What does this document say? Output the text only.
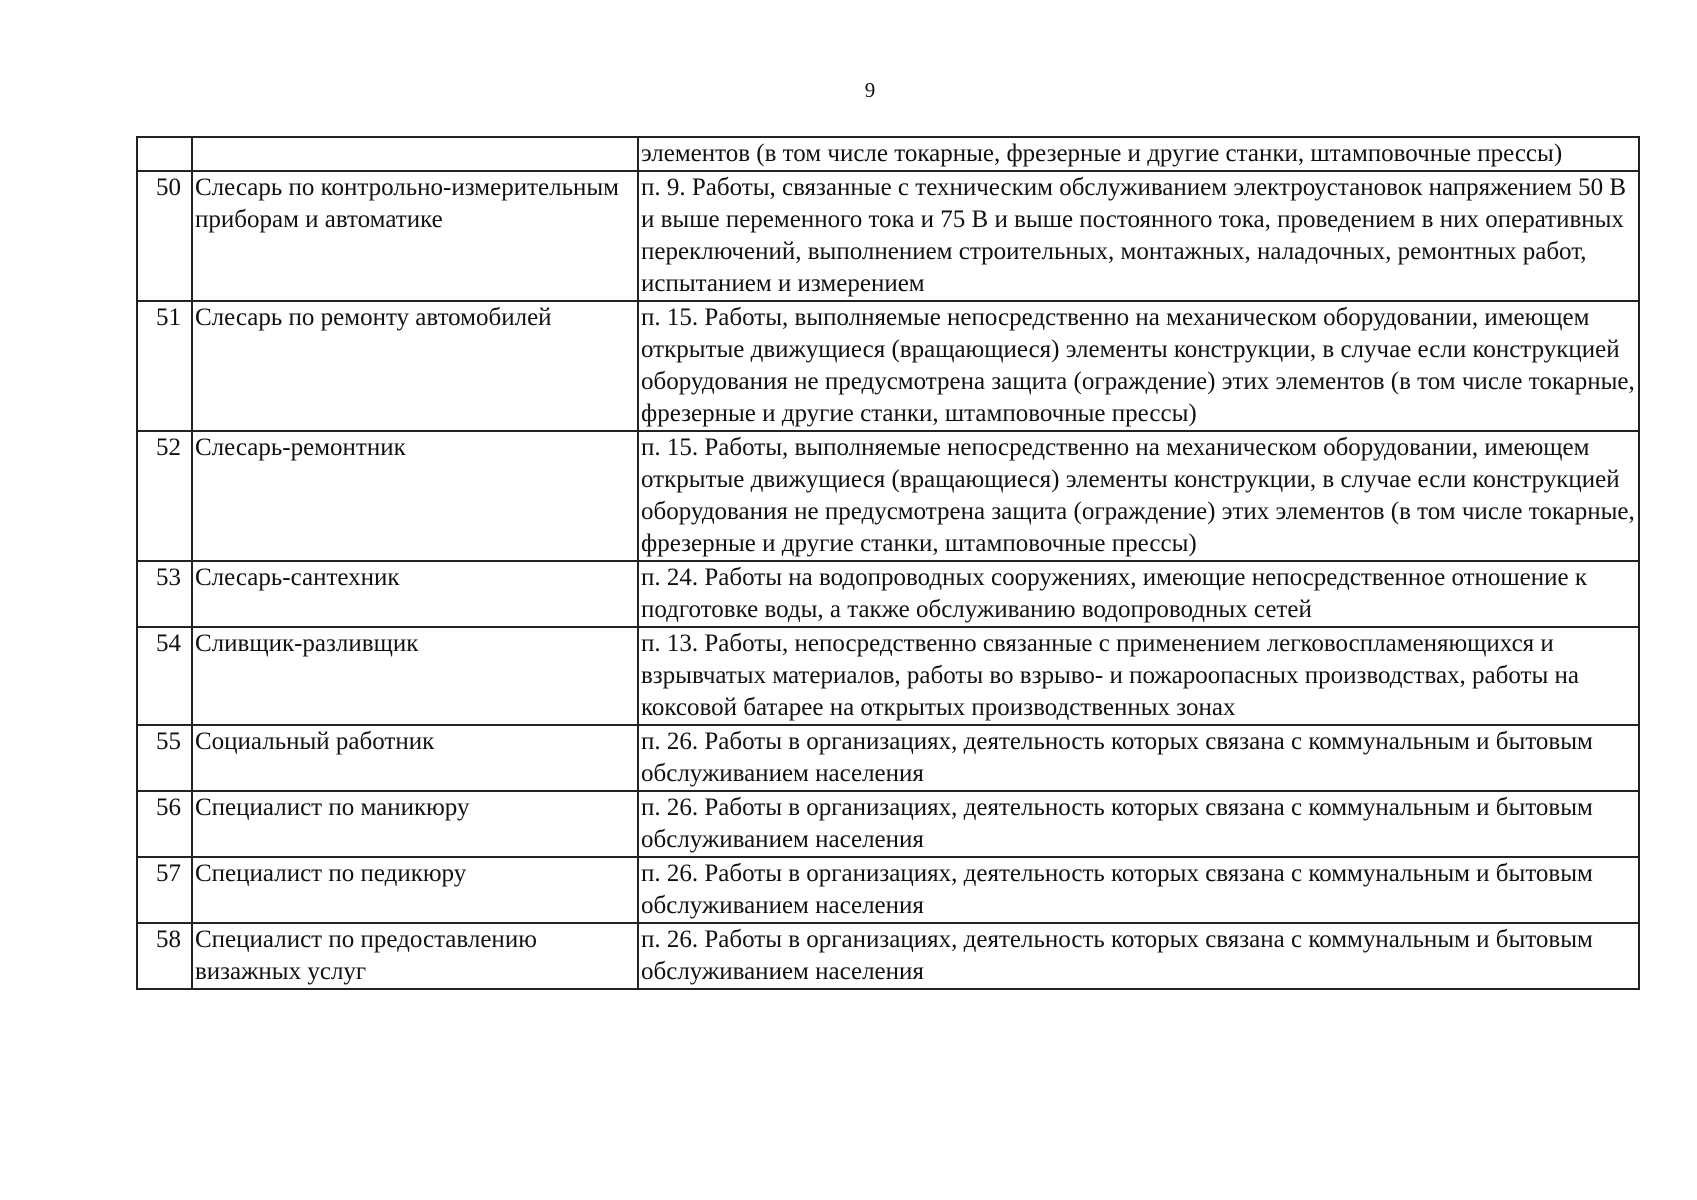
9
		элементов (в том числе токарные, фрезерные и другие станки, штамповочные прессы)
50	Слесарь по контрольно-измерительным приборам и автоматике	п. 9. Работы, связанные с техническим обслуживанием электроустановок напряжением 50 В и выше переменного тока и 75 В и выше постоянного тока, проведением в них оперативных переключений, выполнением строительных, монтажных, наладочных, ремонтных работ, испытанием и измерением
51	Слесарь по ремонту автомобилей	п. 15. Работы, выполняемые непосредственно на механическом оборудовании, имеющем открытые движущиеся (вращающиеся) элементы конструкции, в случае если конструкцией оборудования не предусмотрена защита (ограждение) этих элементов (в том числе токарные, фрезерные и другие станки, штамповочные прессы)
52	Слесарь-ремонтник	п. 15. Работы, выполняемые непосредственно на механическом оборудовании, имеющем открытые движущиеся (вращающиеся) элементы конструкции, в случае если конструкцией оборудования не предусмотрена защита (ограждение) этих элементов (в том числе токарные, фрезерные и другие станки, штамповочные прессы)
53	Слесарь-сантехник	п. 24. Работы на водопроводных сооружениях, имеющие непосредственное отношение к подготовке воды, а также обслуживанию водопроводных сетей
54	Сливщик-разливщик	п. 13. Работы, непосредственно связанные с применением легковоспламеняющихся и взрывчатых материалов, работы во взрыво- и пожароопасных производствах, работы на коксовой батарее на открытых производственных зонах
55	Социальный работник	п. 26. Работы в организациях, деятельность которых связана с коммунальным и бытовым обслуживанием населения
56	Специалист по маникюру	п. 26. Работы в организациях, деятельность которых связана с коммунальным и бытовым обслуживанием населения
57	Специалист по педикюру	п. 26. Работы в организациях, деятельность которых связана с коммунальным и бытовым обслуживанием населения
58	Специалист по предоставлению визажных услуг	п. 26. Работы в организациях, деятельность которых связана с коммунальным и бытовым обслуживанием населения
